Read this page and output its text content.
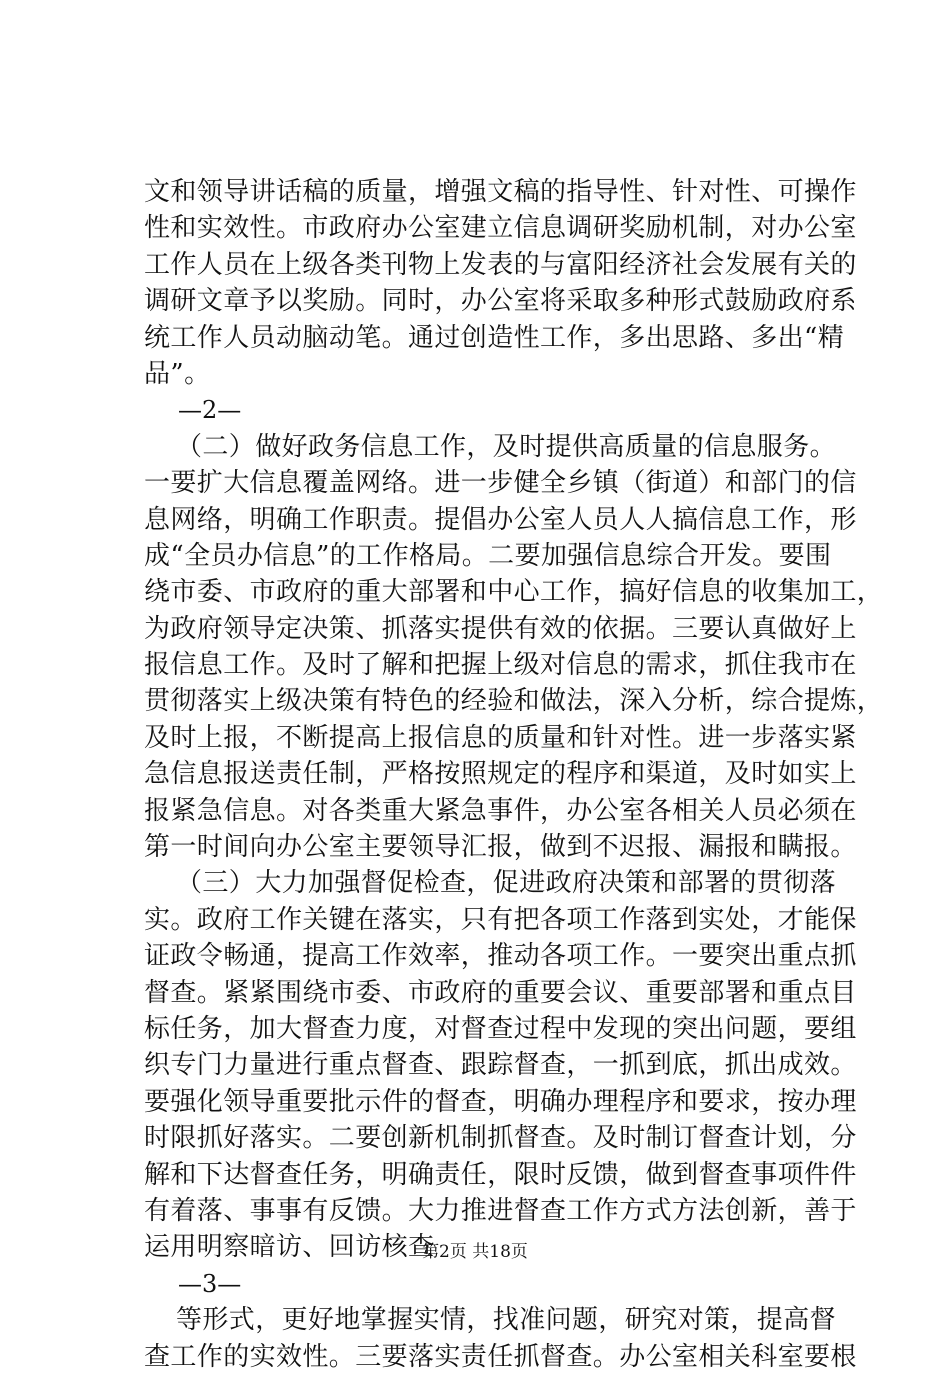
文和领导讲话稿的质量，增强文稿的指导性、针对性、可操作
性和实效性。市政府办公室建立信息调研奖励机制，对办公室
工作人员在上级各类刊物上发表的与富阳经济社会发展有关的
调研文章予以奖励。同时，办公室将采取多种形式鼓励政府系
统工作人员动脑动笔。通过创造性工作，多出思路、多出“精
品”。
—2—
（二）做好政务信息工作，及时提供高质量的信息服务。
一要扩大信息覆盖网络。进一步健全乡镇（街道）和部门的信
息网络，明确工作职责。提倡办公室人员人人搞信息工作，形
成“全员办信息”的工作格局。二要加强信息综合开发。要围
绕市委、市政府的重大部署和中心工作，搞好信息的收集加工，
为政府领导定决策、抓落实提供有效的依据。三要认真做好上
报信息工作。及时了解和把握上级对信息的需求，抓住我市在
贯彻落实上级决策有特色的经验和做法，深入分析，综合提炼，
及时上报，不断提高上报信息的质量和针对性。进一步落实紧
急信息报送责任制，严格按照规定的程序和渠道，及时如实上
报紧急信息。对各类重大紧急事件，办公室各相关人员必须在
第一时间向办公室主要领导汇报，做到不迟报、漏报和瞒报。
（三）大力加强督促检查，促进政府决策和部署的贯彻落
实。政府工作关键在落实，只有把各项工作落到实处，才能保
证政令畅通，提高工作效率，推动各项工作。一要突出重点抓
督查。紧紧围绕市委、市政府的重要会议、重要部署和重点目
标任务，加大督查力度，对督查过程中发现的突出问题，要组
织专门力量进行重点督查、跟踪督查，一抓到底，抓出成效。
要强化领导重要批示件的督查，明确办理程序和要求，按办理
时限抓好落实。二要创新机制抓督查。及时制订督查计划，分
解和下达督查任务，明确责任，限时反馈，做到督查事项件件
有着落、事事有反馈。大力推进督查工作方式方法创新，善于
运用明察暗访、回访核查
—3—
等形式，更好地掌握实情，找准问题，研究对策，提高督
查工作的实效性。三要落实责任抓督查。办公室相关科室要根
第2页 共18页
